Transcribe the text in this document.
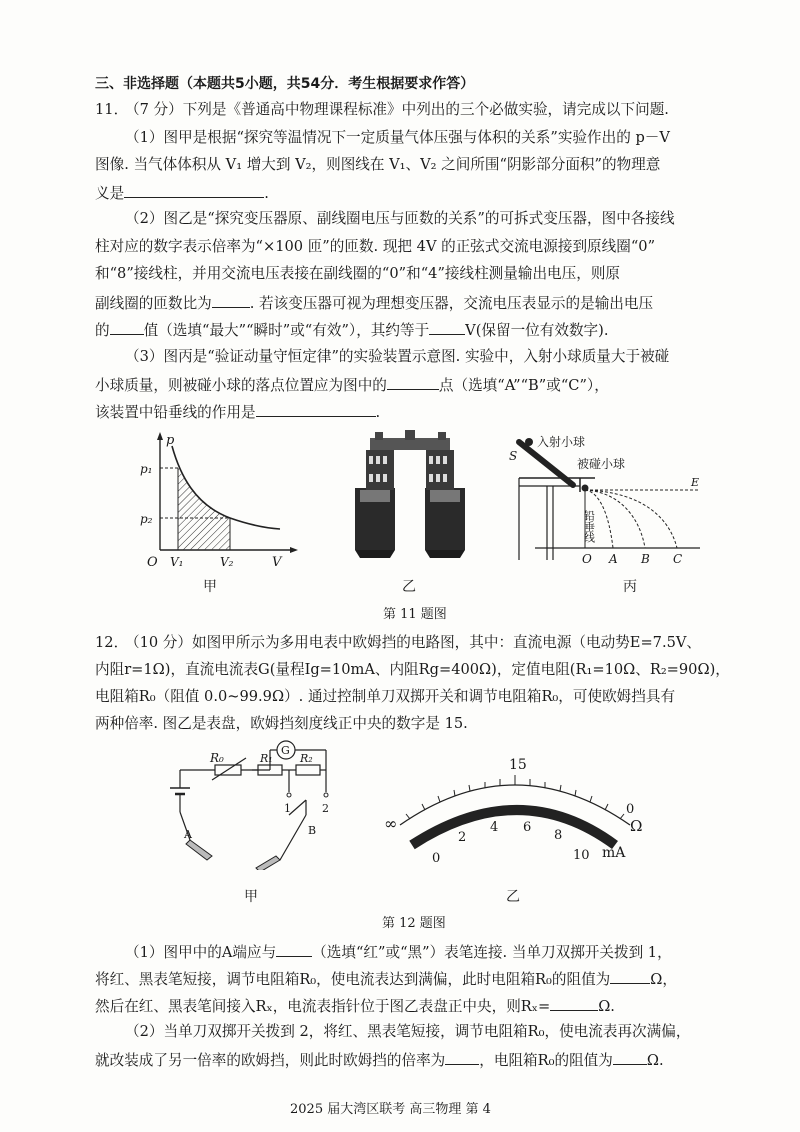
三、非选择题（本题共5小题，共54分．考生根据要求作答）
11．
（7 分）下列是《普通高中物理课程标准》中列出的三个必做实验，请完成以下问题.
（1）图甲是根据“探究等温情况下一定质量气体压强与体积的关系”实验作出的 p－V
图像. 当气体体积从 V₁ 增大到 V₂，则图线在 V₁、V₂ 之间所围“阴影部分面积”的物理意
义是	.
（2）图乙是“探究变压器原、副线圈电压与匝数的关系”的可拆式变压器，图中各接线
柱对应的数字表示倍率为“×100 匝”的匝数. 现把 4V 的正弦式交流电源接到原线圈“0”
和“8”接线柱，并用交流电压表接在副线圈的“0”和“4”接线柱测量输出电压，则原
副线圈的匝数比为	. 若该变压器可视为理想变压器，交流电压表显示的是输出电压
的 值（选填“最大”“瞬时”或“有效”），其约等于 V(保留一位有效数字).
（3）图丙是“验证动量守恒定律”的实验装置示意图. 实验中，入射小球质量大于被碰
小球质量，则被碰小球的落点位置应为图中的	点（选填“A”“B”或“C”），
该装置中铅垂线的作用是	.
p
p₁
p₂
O V₁	V₂	V
甲	乙
S
入射小球
被碰小球
E
铅垂线
O A B C
丙
第 11 题图
12．
（10 分）如图甲所示为多用电表中欧姆挡的电路图，其中：直流电源（电动势E=7.5V、
内阻r=1Ω)，直流电流表G(量程Ig=10mA、内阻Rg=400Ω)，定值电阻(R₁=10Ω、R₂=90Ω)，
电阻箱R₀（阻值 0.0~99.9Ω）. 通过控制单刀双掷开关和调节电阻箱R₀，可使欧姆挡具有
两种倍率. 图乙是表盘，欧姆挡刻度线正中央的数字是 15.
R₀
G
R₁ R₂
1	2
A	B
甲
15
∞
0
Ω
mA
0
2
4 6
8
10
乙
第 12 题图
（1）图甲中的A端应与 （选填“红”或“黑”）表笔连接. 当单刀双掷开关拨到 1，
将红、黑表笔短接，调节电阻箱R₀，使电流表达到满偏，此时电阻箱R₀的阻值为	Ω，
然后在红、黑表笔间接入Rₓ，电流表指针位于图乙表盘正中央，则Rₓ=	Ω.
（2）当单刀双掷开关拨到 2，将红、黑表笔短接，调节电阻箱R₀，使电流表再次满偏，
就改装成了另一倍率的欧姆挡，则此时欧姆挡的倍率为 ，电阻箱R₀的阻值为 Ω.
2025 届大湾区联考 高三物理 第 4
